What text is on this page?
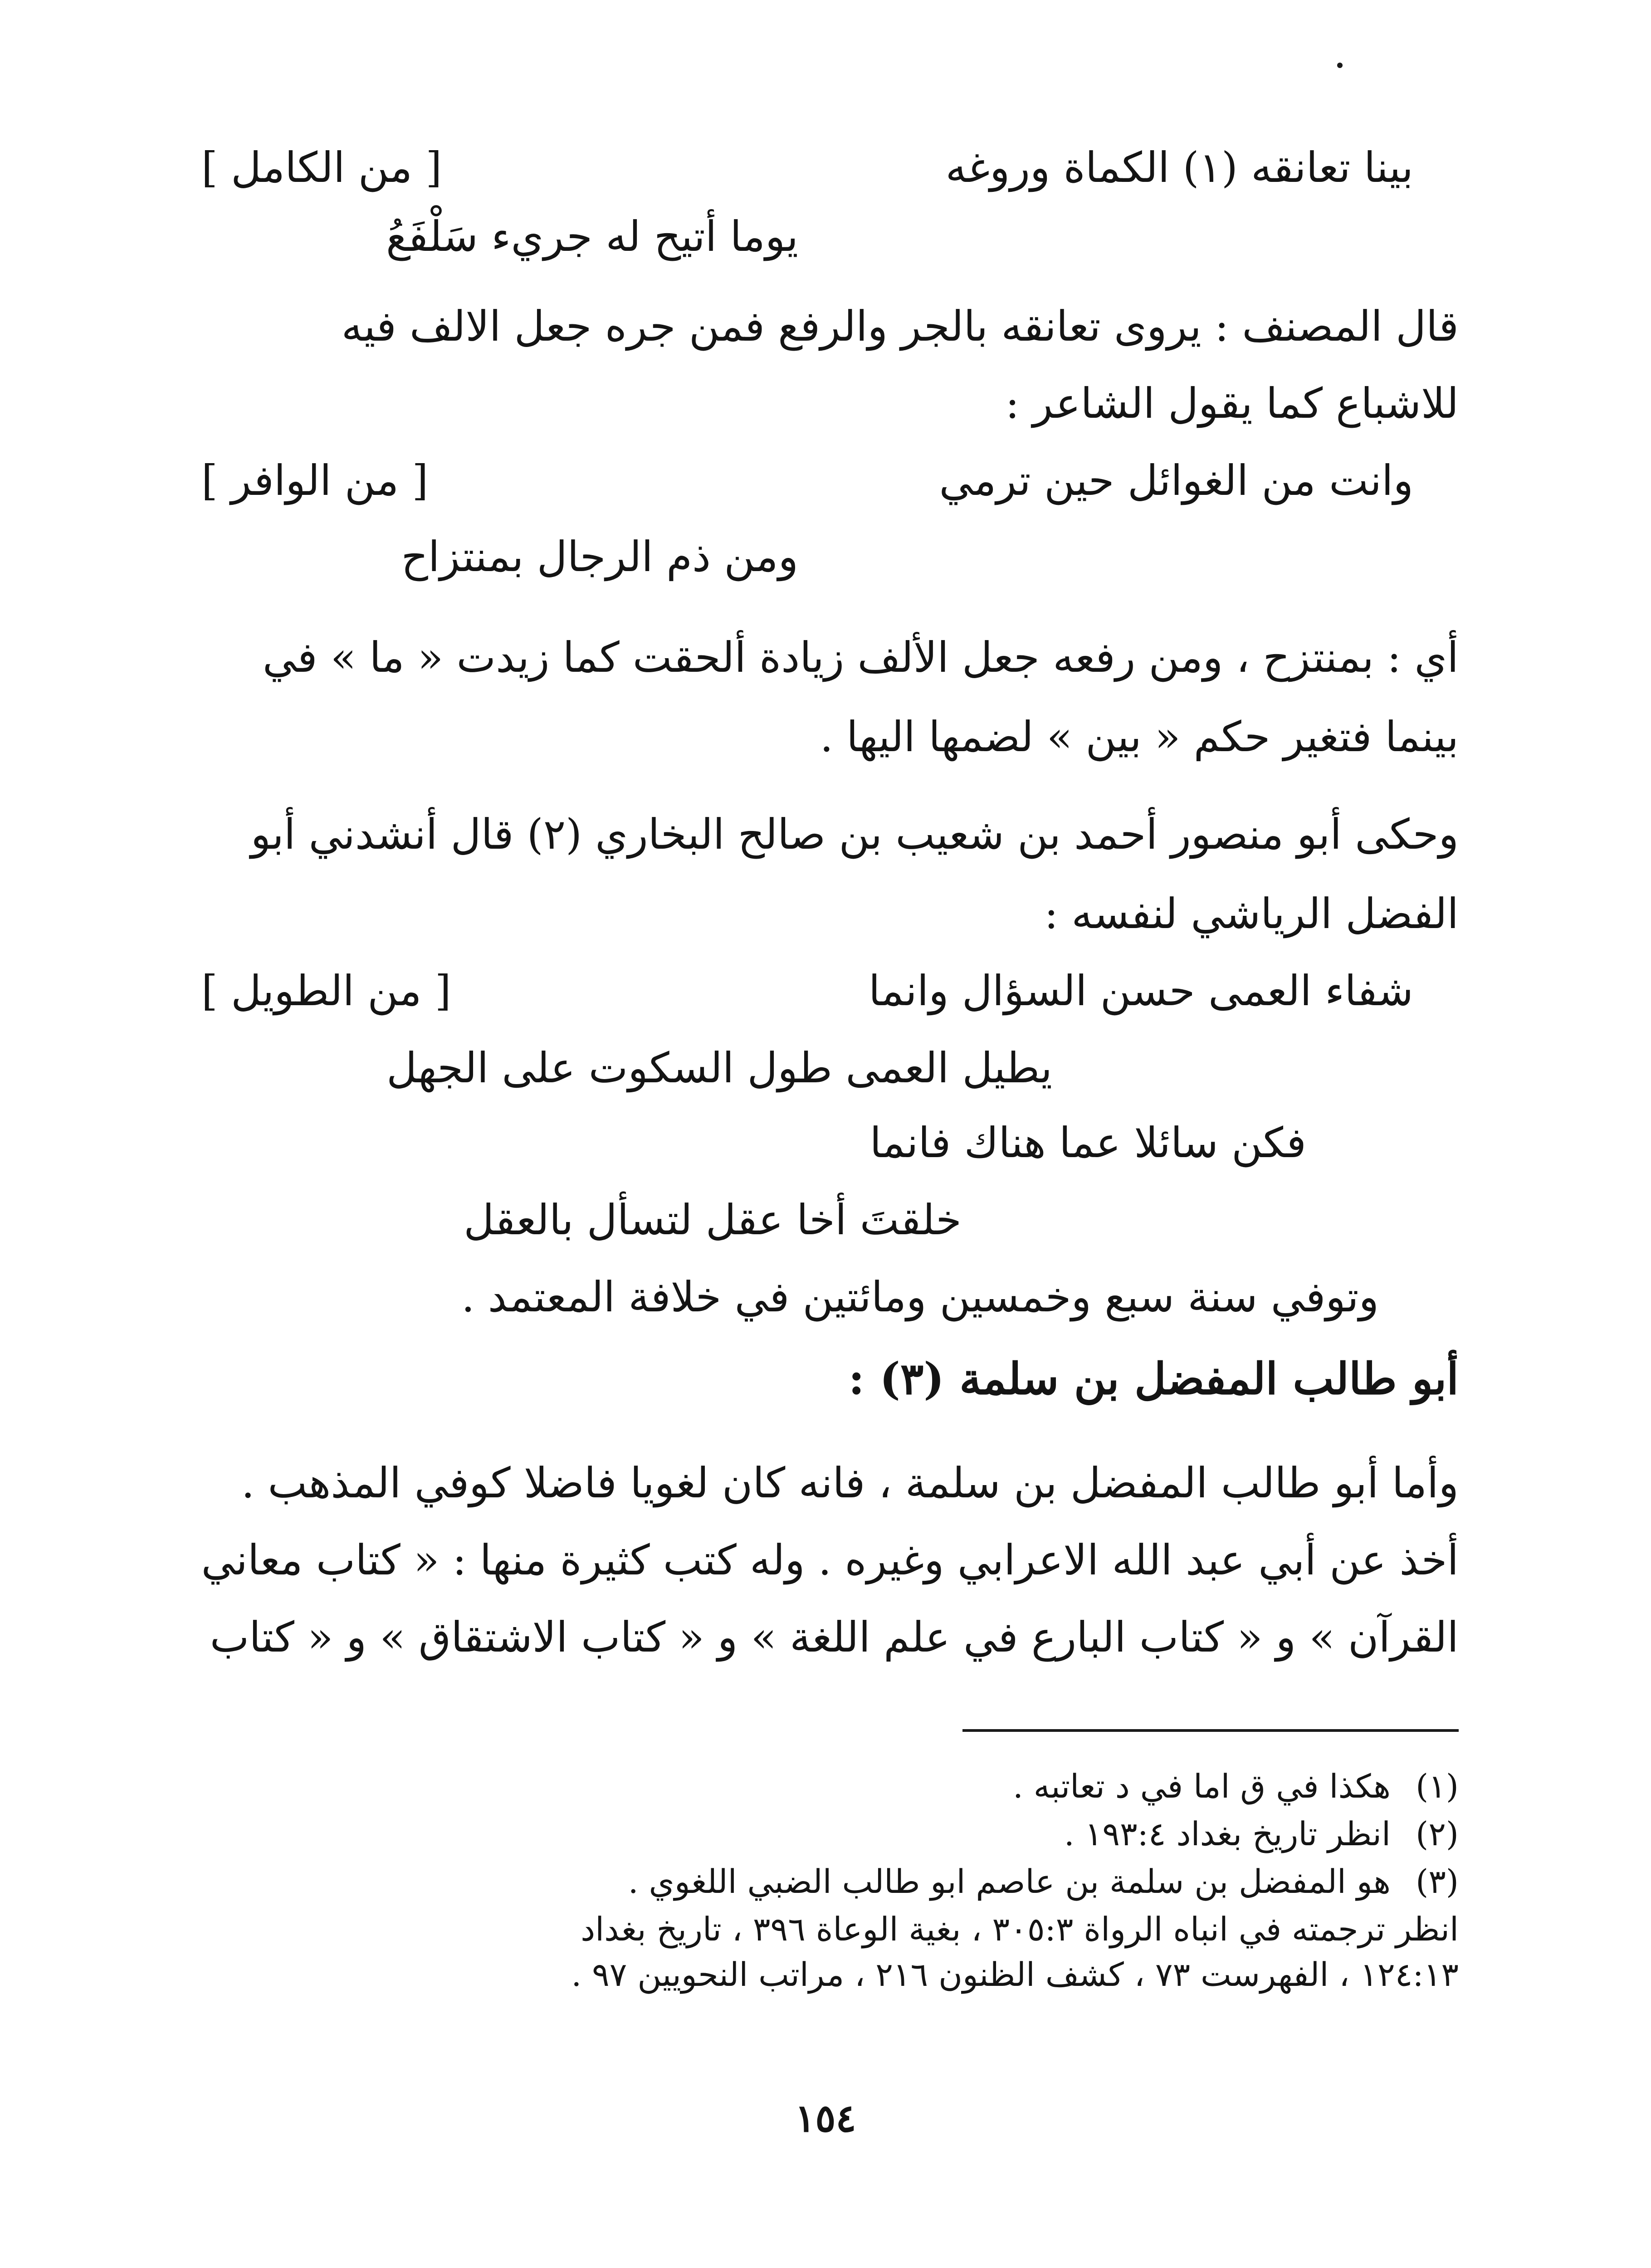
بينا تعانقه (١) الكماة وروغه
[ من الكامل ]
يوما أتيح له جريء سَلْفَعُ
قال المصنف : يروى تعانقه بالجر والرفع فمن جره جعل الالف فيه
للاشباع كما يقول الشاعر :
وانت من الغوائل حين ترمي
[ من الوافر ]
ومن ذم الرجال بمنتزاح
أي : بمنتزح ، ومن رفعه جعل الألف زيادة ألحقت كما زيدت « ما » في
بينما فتغير حكم « بين » لضمها اليها .
وحكى أبو منصور أحمد بن شعيب بن صالح البخاري (٢) قال أنشدني أبو
الفضل الرياشي لنفسه :
شفاء العمى حسن السؤال وانما
[ من الطويل ]
يطيل العمى طول السكوت على الجهل
فكن سائلا عما هناك فانما
خلقتَ أخا عقل لتسأل بالعقل
وتوفي سنة سبع وخمسين ومائتين في خلافة المعتمد .
أبو طالب المفضل بن سلمة (٣) :
وأما أبو طالب المفضل بن سلمة ، فانه كان لغويا فاضلا كوفي المذهب .
أخذ عن أبي عبد الله الاعرابي وغيره . وله كتب كثيرة منها : « كتاب معاني
القرآن » و « كتاب البارع في علم اللغة » و « كتاب الاشتقاق » و « كتاب
(١)هكذا في ق اما في د تعاتبه .
(٢)انظر تاريخ بغداد ١٩٣:٤ .
(٣)هو المفضل بن سلمة بن عاصم ابو طالب الضبي اللغوي .
انظر ترجمته في انباه الرواة ٣٠٥:٣ ، بغية الوعاة ٣٩٦ ، تاريخ بغداد
١٢٤:١٣ ، الفهرست ٧٣ ، كشف الظنون ٢١٦ ، مراتب النحويين ٩٧ .
١٥٤
